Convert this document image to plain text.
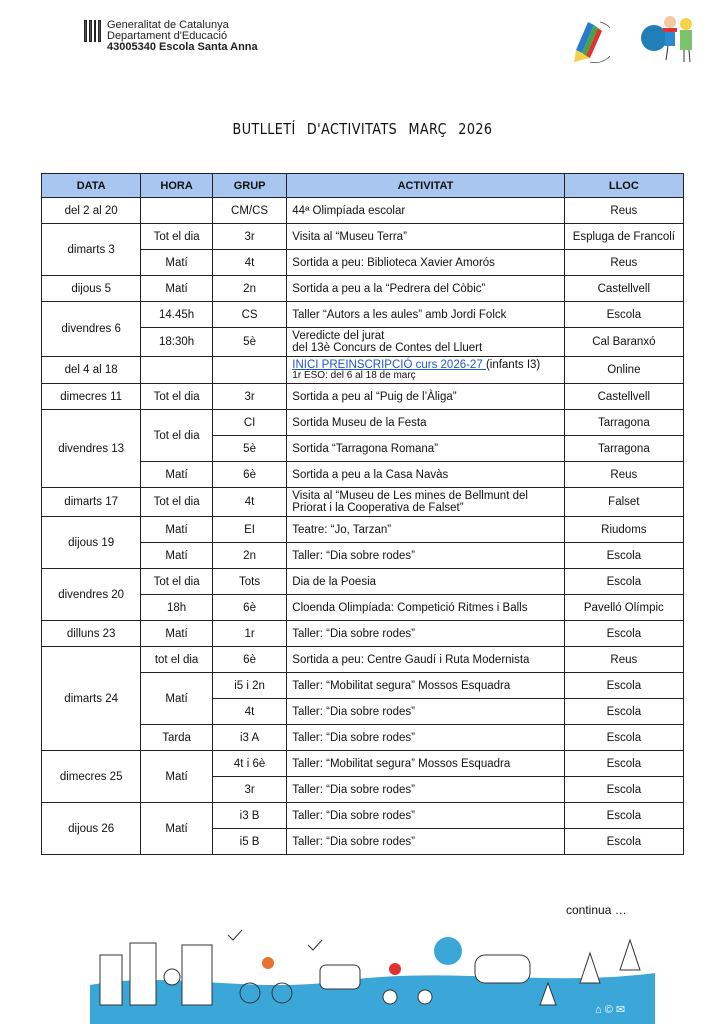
Generalitat de Catalunya
Departament d'Educació
43005340 Escola Santa Anna
BUTLLETÍ D'ACTIVITATS MARÇ 2026
DATA	HORA	GRUP	ACTIVITAT	LLOC
del 2 al 20		CM/CS	44ª Olimpíada escolar	Reus
dimarts 3	Tot el dia	3r	Visita al “Museu Terra”	Espluga de Francolí
	Matí	4t	Sortida a peu: Biblioteca Xavier Amorós	Reus
dijous 5	Matí	2n	Sortida a peu a la “Pedrera del Còbic”	Castellvell
divendres 6	14.45h	CS	Taller “Autors a les aules” amb Jordi Folck	Escola
	18:30h	5è	Veredicte del jurat
del 13è Concurs de Contes del Lluert	Cal Baranxó
del 4 al 18			INICI PREINSCRIPCIÓ curs 2026-27 (infants I3)
1r ESO: del 6 al 18 de març	Online
dimecres 11	Tot el dia	3r	Sortida a peu al “Puig de l’Àliga”	Castellvell
divendres 13	Tot el dia	CI	Sortida Museu de la Festa	Tarragona
		5è	Sortida “Tarragona Romana”	Tarragona
	Matí	6è	Sortida a peu a la Casa Navàs	Reus
dimarts 17	Tot el dia	4t	Visita al “Museu de Les mines de Bellmunt del
Priorat i la Cooperativa de Falset”	Falset
dijous 19	Matí	EI	Teatre: “Jo, Tarzan”	Riudoms
	Matí	2n	Taller: “Dia sobre rodes”	Escola
divendres 20	Tot el dia	Tots	Dia de la Poesia	Escola
	18h	6è	Cloenda Olimpíada: Competició Ritmes i Balls	Pavelló Olímpic
dilluns 23	Matí	1r	Taller: “Dia sobre rodes”	Escola
dimarts 24	tot el dia	6è	Sortida a peu: Centre Gaudí i Ruta Modernista	Reus
	Matí	i5 i 2n	Taller: “Mobilitat segura” Mossos Esquadra	Escola
		4t	Taller: “Dia sobre rodes”	Escola
	Tarda	i3 A	Taller: “Dia sobre rodes”	Escola
dimecres 25	Matí	4t i 6è	Taller: “Mobilitat segura” Mossos Esquadra	Escola
		3r	Taller: “Dia sobre rodes”	Escola
dijous 26	Matí	i3 B	Taller: “Dia sobre rodes”	Escola
		i5 B	Taller: “Dia sobre rodes”	Escola
continua …
⌂ © ✉
